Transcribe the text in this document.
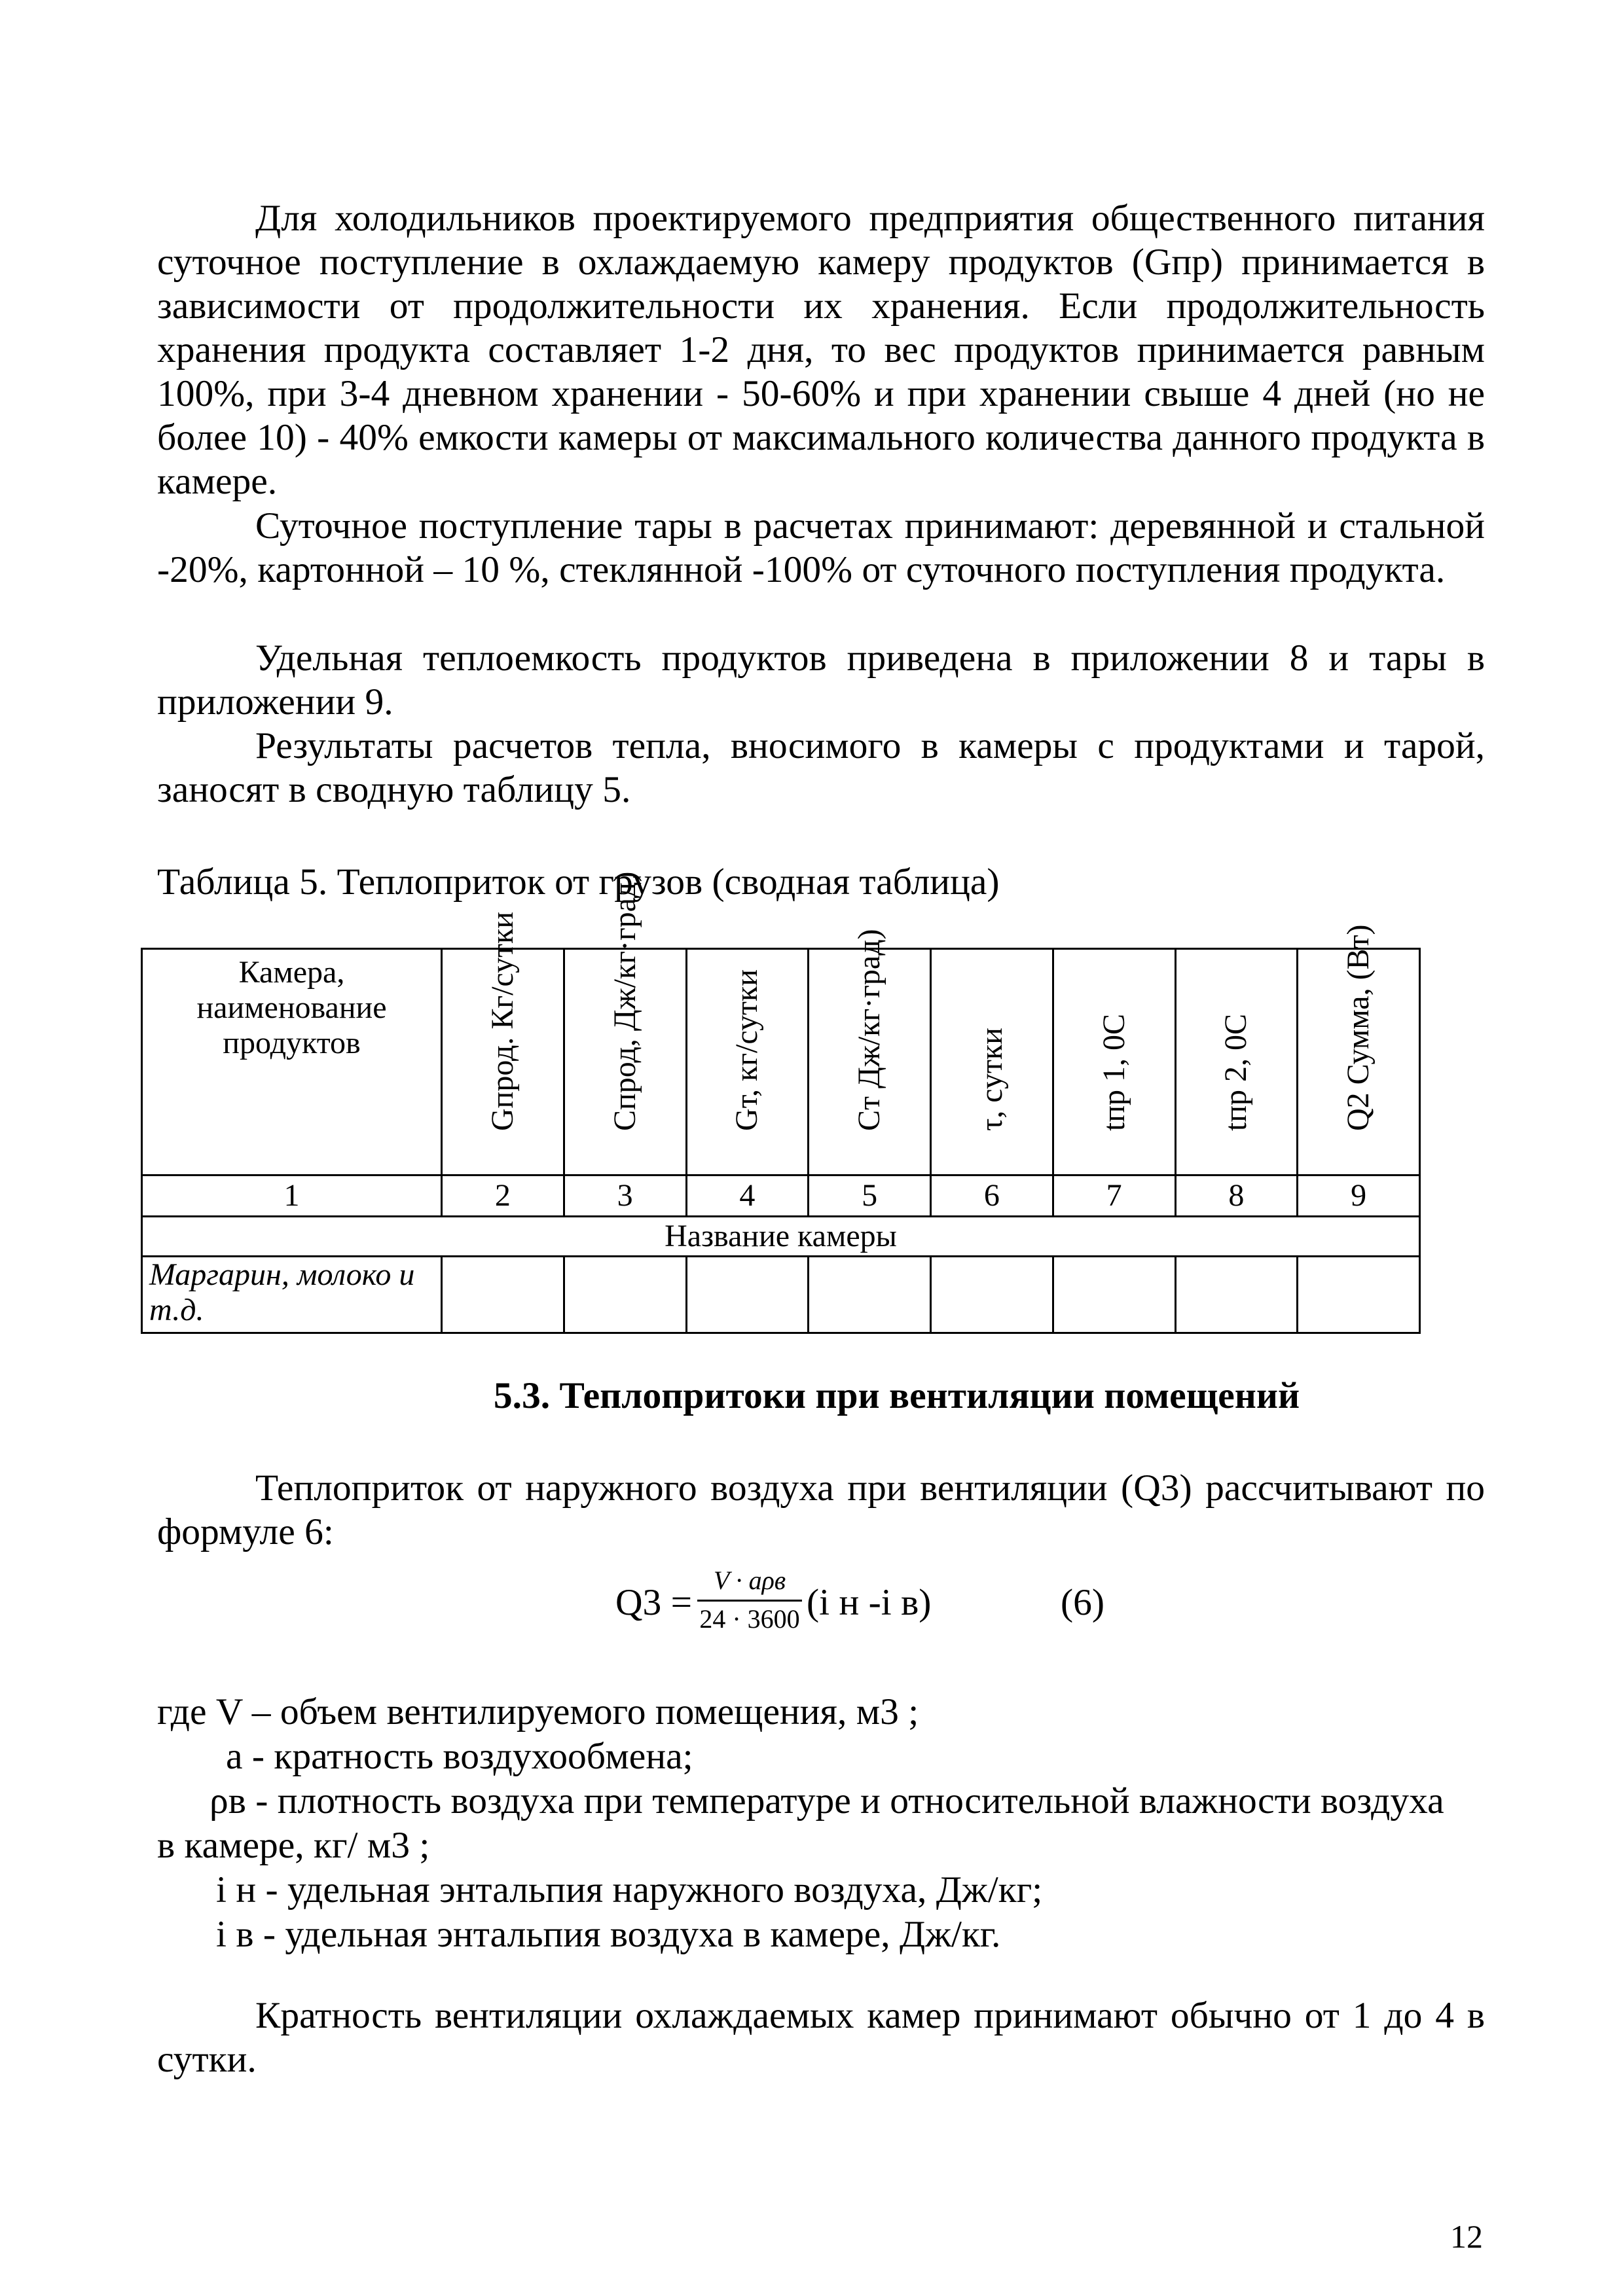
Для холодильников проектируемого предприятия общественного питания суточное поступление в охлаждаемую камеру продуктов (Gпр) принимается в зависимости от продолжительности их хранения. Если продолжительность хранения продукта составляет 1-2 дня, то вес продуктов принимается равным 100%, при 3-4 дневном хранении - 50-60% и при хранении свыше 4 дней (но не более 10) - 40% емкости камеры от максимального количества данного продукта в камере.

Суточное поступление тары в расчетах принимают: деревянной и стальной -20%, картонной – 10 %, стеклянной -100% от суточного поступления продукта.

Удельная теплоемкость продуктов приведена в приложении 8 и тары в приложении 9.

Результаты расчетов тепла, вносимого в камеры с продуктами и тарой, заносят в сводную таблицу 5.

Таблица 5. Теплоприток от грузов (сводная таблица)

Камера, наименование продуктов	Gпрод. Кг/сутки	Cпрод, Дж/кг·град)	Gт, кг/сутки	Cт Дж/кг·град)	τ, сутки	tпр 1, 0С	tпр 2, 0С	Q2 Сумма, (Вт)

1	2	3	4	5	6	7	8	9
Название камеры								
Маргарин, молоко и т.д.								

5.3. Теплопритоки при вентиляции помещений

Теплоприток от наружного воздуха при вентиляции (Q3) рассчитывают по формуле 6:

Q3 =
V · aρв
24 · 3600 (i н -i в)	(6)

где V – объем вентилируемого помещения, м3 ;

a - кратность воздухообмена;

ρв - плотность воздуха при температуре и относительной влажности воздуха

в камере, кг/ м3 ;

i н - удельная энтальпия наружного воздуха, Дж/кг;

i в - удельная энтальпия воздуха в камере, Дж/кг.

Кратность вентиляции охлаждаемых камер принимают обычно от 1 до 4 в сутки.

12
